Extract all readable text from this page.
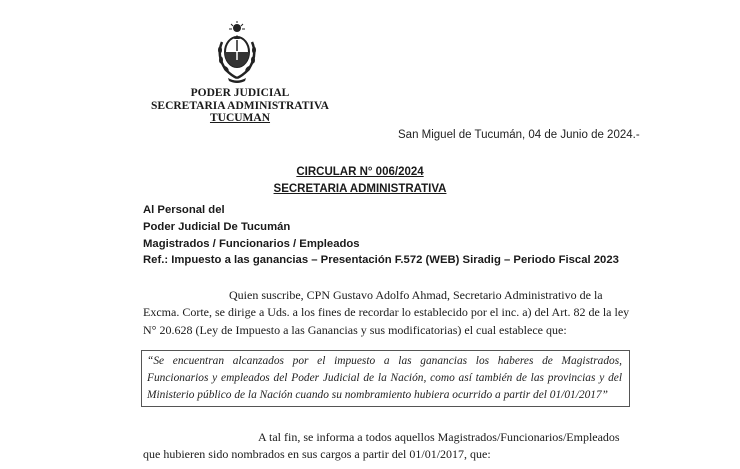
PODER JUDICIAL
SECRETARIA ADMINISTRATIVA
TUCUMAN
San Miguel de Tucumán, 04 de Junio de 2024.-
CIRCULAR N° 006/2024
SECRETARIA ADMINISTRATIVA
Al Personal del
Poder Judicial De Tucumán
Magistrados / Funcionarios / Empleados
Ref.: Impuesto a las ganancias – Presentación F.572 (WEB) Siradig – Periodo Fiscal 2023
Quien suscribe, CPN Gustavo Adolfo Ahmad, Secretario Administrativo de la
Excma. Corte, se dirige a Uds. a los fines de recordar lo establecido por el inc. a) del Art. 82 de la ley
N° 20.628 (Ley de Impuesto a las Ganancias y sus modificatorias) el cual establece que:
“Se encuentran alcanzados por el impuesto a las ganancias los haberes de Magistrados,
Funcionarios y empleados del Poder Judicial de la Nación, como así también de las provincias y del
Ministerio público de la Nación cuando su nombramiento hubiera ocurrido a partir del 01/01/2017”
A tal fin, se informa a todos aquellos Magistrados/Funcionarios/Empleados
que hubieren sido nombrados en sus cargos a partir del 01/01/2017, que:
